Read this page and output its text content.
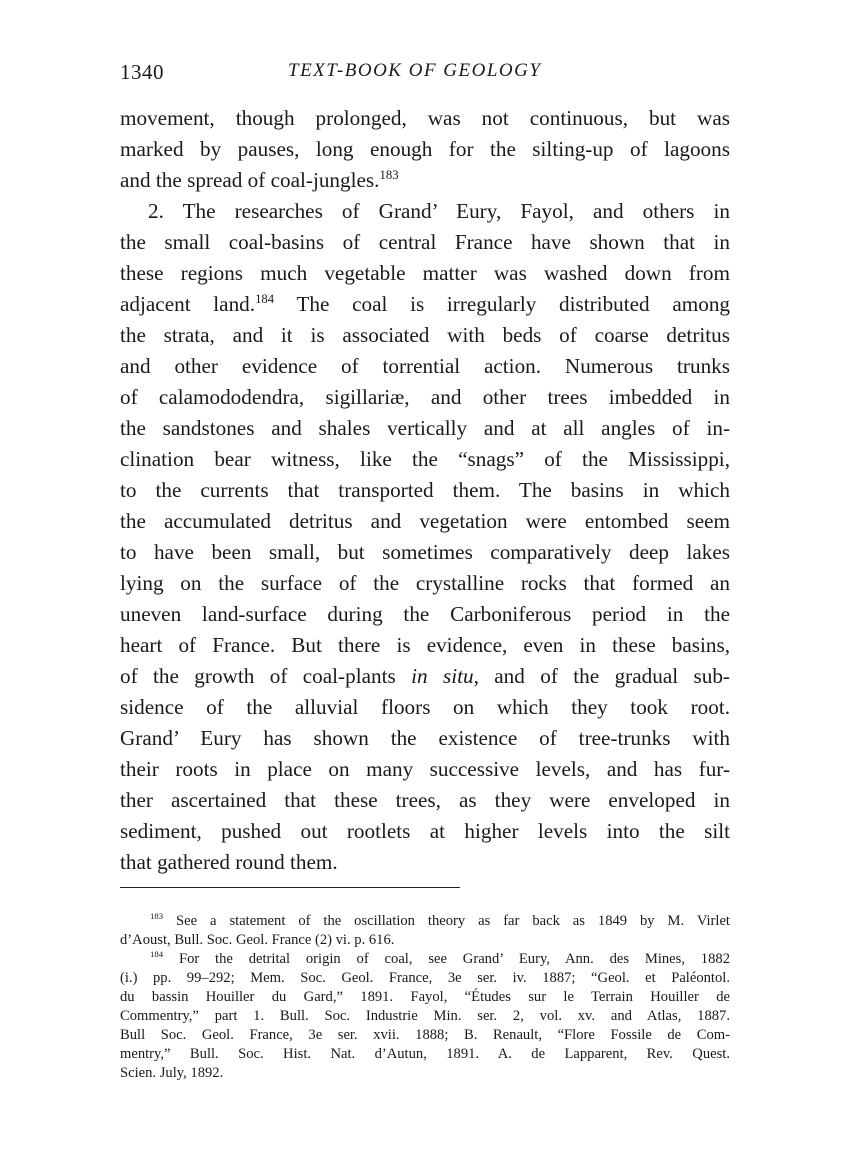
1340	TEXT-BOOK OF GEOLOGY
movement, though prolonged, was not continuous, but was
marked by pauses, long enough for the silting-up of lagoons
and the spread of coal-jungles.$^{183}$
2. The researches of Grand’ Eury, Fayol, and others in
the small coal-basins of central France have shown that in
these regions much vegetable matter was washed down from
adjacent land.$^{184}$ The coal is irregularly distributed among
the strata, and it is associated with beds of coarse detritus
and other evidence of torrential action. Numerous trunks
of calamododendra, sigillariæ, and other trees imbedded in
the sandstones and shales vertically and at all angles of in-
clination bear witness, like the “snags” of the Mississippi,
to the currents that transported them. The basins in which
the accumulated detritus and vegetation were entombed seem
to have been small, but sometimes comparatively deep lakes
lying on the surface of the crystalline rocks that formed an
uneven land-surface during the Carboniferous period in the
heart of France. But there is evidence, even in these basins,
of the growth of coal-plants in situ, and of the gradual sub-
sidence of the alluvial floors on which they took root.
Grand’ Eury has shown the existence of tree-trunks with
their roots in place on many successive levels, and has fur-
ther ascertained that these trees, as they were enveloped in
sediment, pushed out rootlets at higher levels into the silt
that gathered round them.
$^{183}$ See a statement of the oscillation theory as far back as 1849 by M. Virlet
d’Aoust, Bull. Soc. Geol. France (2) vi. p. 616.
$^{184}$ For the detrital origin of coal, see Grand’ Eury, Ann. des Mines, 1882
(i.) pp. 99–292; Mem. Soc. Geol. France, 3e ser. iv. 1887; “Geol. et Paléontol.
du bassin Houiller du Gard,” 1891. Fayol, “Études sur le Terrain Houiller de
Commentry,” part 1. Bull. Soc. Industrie Min. ser. 2, vol. xv. and Atlas, 1887.
Bull Soc. Geol. France, 3e ser. xvii. 1888; B. Renault, “Flore Fossile de Com-
mentry,” Bull. Soc. Hist. Nat. d’Autun, 1891. A. de Lapparent, Rev. Quest.
Scien. July, 1892.
